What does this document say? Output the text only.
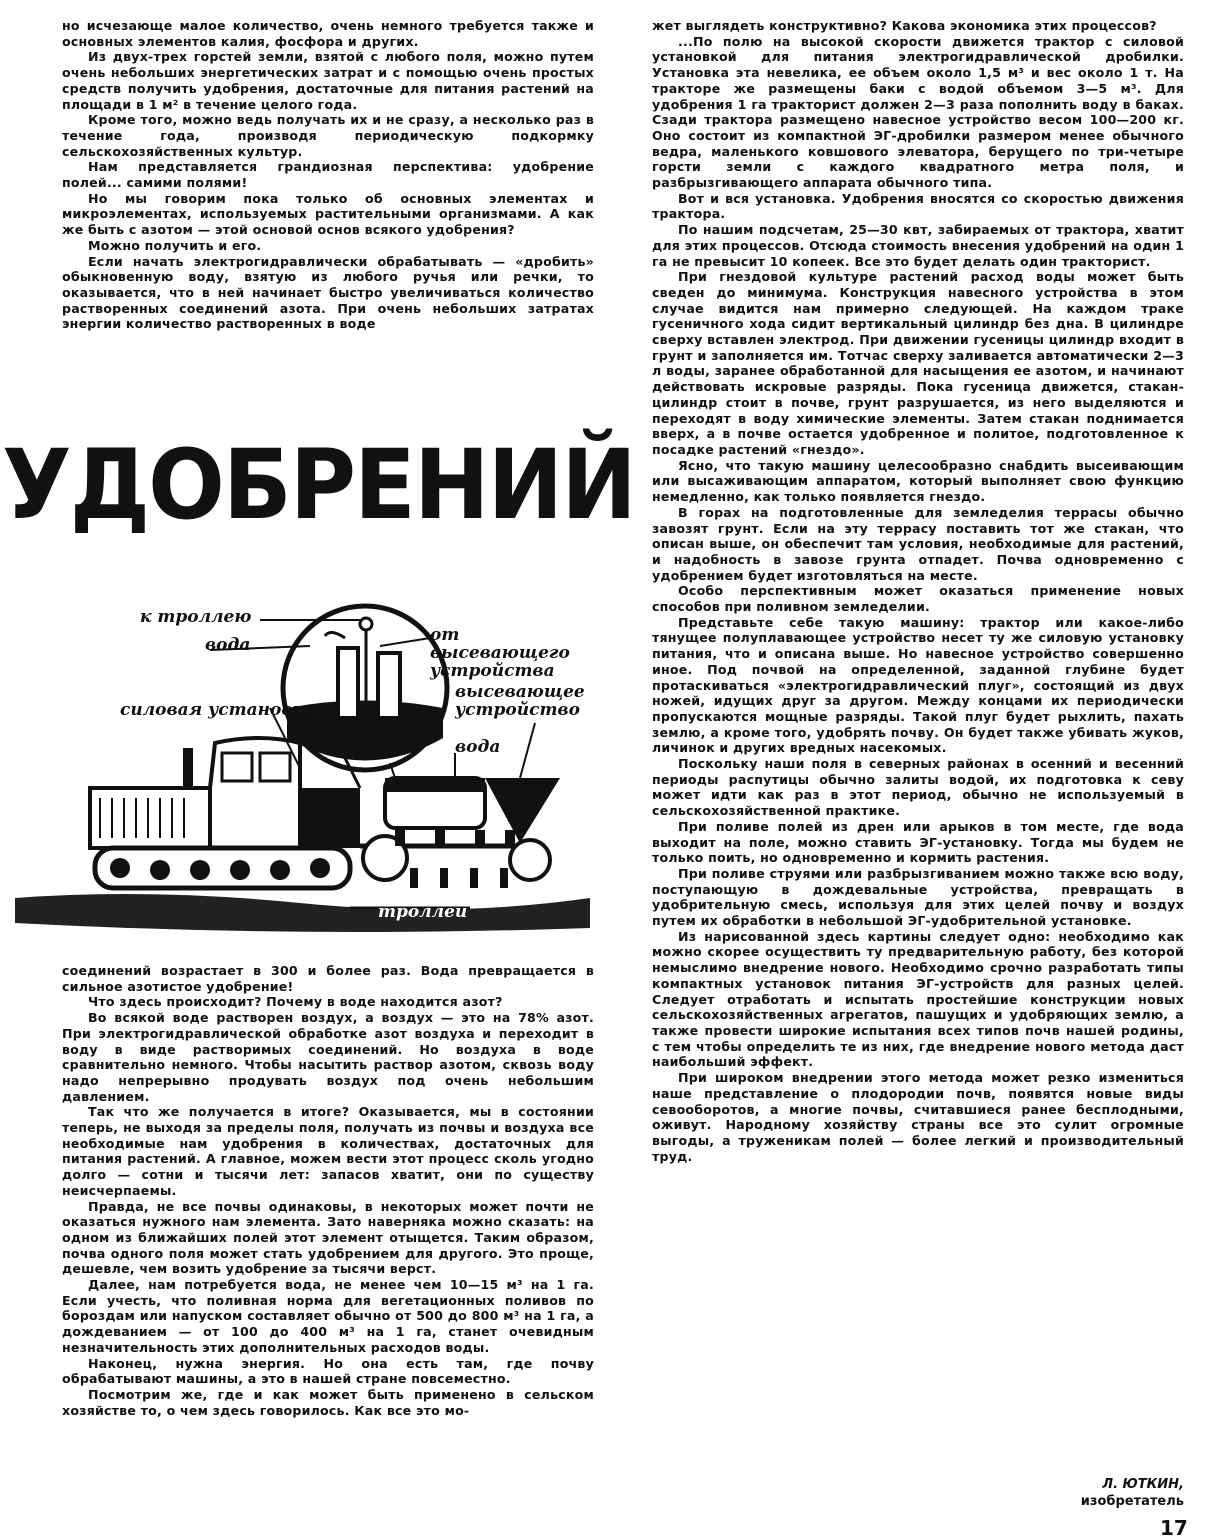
но исчезающе малое количество, очень немного требуется также и основных элементов калия, фосфора и других.

Из двух-трех горстей земли, взятой с любого поля, можно путем очень небольших энергетических затрат и с помощью очень простых средств получить удобрения, достаточные для питания растений на площади в 1 м² в течение целого года.

Кроме того, можно ведь получать их и не сразу, а несколько раз в течение года, производя периодическую подкормку сельскохозяйственных культур.

Нам представляется грандиозная перспектива: удобрение полей... самими полями!

Но мы говорим пока только об основных элементах и микроэлементах, используемых растительными организмами. А как же быть с азотом — этой основой основ всякого удобрения?

Можно получить и его.

Если начать электрогидравлически обрабатывать — «дробить» обыкновенную воду, взятую из любого ручья или речки, то оказывается, что в ней начинает быстро увеличиваться количество растворенных соединений азота. При очень небольших затратах энергии количество растворенных в воде

УДОБРЕНИЙ
к троллею
вода	от высевающего устройства
силовая установка
высевающее устройство
вода
троллей

соединений возрастает в 300 и более раз. Вода превращается в сильное азотистое удобрение!

Что здесь происходит? Почему в воде находится азот?

Во всякой воде растворен воздух, а воздух — это на 78% азот. При электрогидравлической обработке азот воздуха и переходит в воду в виде растворимых соединений. Но воздуха в воде сравнительно немного. Чтобы насытить раствор азотом, сквозь воду надо непрерывно продувать воздух под очень небольшим давлением.

Так что же получается в итоге? Оказывается, мы в состоянии теперь, не выходя за пределы поля, получать из почвы и воздуха все необходимые нам удобрения в количествах, достаточных для питания растений. А главное, можем вести этот процесс сколь угодно долго — сотни и тысячи лет: запасов хватит, они по существу неисчерпаемы.

Правда, не все почвы одинаковы, в некоторых может почти не оказаться нужного нам элемента. Зато наверняка можно сказать: на одном из ближайших полей этот элемент отыщется. Таким образом, почва одного поля может стать удобрением для другого. Это проще, дешевле, чем возить удобрение за тысячи верст.

Далее, нам потребуется вода, не менее чем 10—15 м³ на 1 га. Если учесть, что поливная норма для вегетационных поливов по бороздам или напуском составляет обычно от 500 до 800 м³ на 1 га, а дождеванием — от 100 до 400 м³ на 1 га, станет очевидным незначительность этих дополнительных расходов воды.

Наконец, нужна энергия. Но она есть там, где почву обрабатывают машины, а это в нашей стране повсеместно.

Посмотрим же, где и как может быть применено в сельском хозяйстве то, о чем здесь говорилось. Как все это мо-

жет выглядеть конструктивно? Какова экономика этих процессов?

...По полю на высокой скорости движется трактор с силовой установкой для питания электрогидравлической дробилки. Установка эта невелика, ее объем около 1,5 м³ и вес около 1 т. На тракторе же размещены баки с водой объемом 3—5 м³. Для удобрения 1 га тракторист должен 2—3 раза пополнить воду в баках. Сзади трактора размещено навесное устройство весом 100—200 кг. Оно состоит из компактной ЭГ-дробилки размером менее обычного ведра, маленького ковшового элеватора, берущего по три-четыре горсти земли с каждого квадратного метра поля, и разбрызгивающего аппарата обычного типа.

Вот и вся установка. Удобрения вносятся со скоростью движения трактора.

По нашим подсчетам, 25—30 квт, забираемых от трактора, хватит для этих процессов. Отсюда стоимость внесения удобрений на один 1 га не превысит 10 копеек. Все это будет делать один тракторист.

При гнездовой культуре растений расход воды может быть сведен до минимума. Конструкция навесного устройства в этом случае видится нам примерно следующей. На каждом траке гусеничного хода сидит вертикальный цилиндр без дна. В цилиндре сверху вставлен электрод. При движении гусеницы цилиндр входит в грунт и заполняется им. Тотчас сверху заливается автоматически 2—3 л воды, заранее обработанной для насыщения ее азотом, и начинают действовать искровые разряды. Пока гусеница движется, стакан-цилиндр стоит в почве, грунт разрушается, из него выделяются и переходят в воду химические элементы. Затем стакан поднимается вверх, а в почве остается удобренное и политое, подготовленное к посадке растений «гнездо».

Ясно, что такую машину целесообразно снабдить высеивающим или высаживающим аппаратом, который выполняет свою функцию немедленно, как только появляется гнездо.

В горах на подготовленные для земледелия террасы обычно завозят грунт. Если на эту террасу поставить тот же стакан, что описан выше, он обеспечит там условия, необходимые для растений, и надобность в завозе грунта отпадет. Почва одновременно с удобрением будет изготовляться на месте.

Особо перспективным может оказаться применение новых способов при поливном земледелии.

Представьте себе такую машину: трактор или какое-либо тянущее полуплавающее устройство несет ту же силовую установку питания, что и описана выше. Но навесное устройство совершенно иное. Под почвой на определенной, заданной глубине будет протаскиваться «электрогидравлический плуг», состоящий из двух ножей, идущих друг за другом. Между концами их периодически пропускаются мощные разряды. Такой плуг будет рыхлить, пахать землю, а кроме того, удобрять почву. Он будет также убивать жуков, личинок и других вредных насекомых.

Поскольку наши поля в северных районах в осенний и весенний периоды распутицы обычно залиты водой, их подготовка к севу может идти как раз в этот период, обычно не используемый в сельскохозяйственной практике.

При поливе полей из дрен или арыков в том месте, где вода выходит на поле, можно ставить ЭГ-установку. Тогда мы будем не только поить, но одновременно и кормить растения.

При поливе струями или разбрызгиванием можно также всю воду, поступающую в дождевальные устройства, превращать в удобрительную смесь, используя для этих целей почву и воздух путем их обработки в небольшой ЭГ-удобрительной установке.

Из нарисованной здесь картины следует одно: необходимо как можно скорее осуществить ту предварительную работу, без которой немыслимо внедрение нового. Необходимо срочно разработать типы компактных установок питания ЭГ-устройств для разных целей. Следует отработать и испытать простейшие конструкции новых сельскохозяйственных агрегатов, пашущих и удобряющих землю, а также провести широкие испытания всех типов почв нашей родины, с тем чтобы определить те из них, где внедрение нового метода даст наибольший эффект.

При широком внедрении этого метода может резко измениться наше представление о плодородии почв, появятся новые виды севооборотов, а многие почвы, считавшиеся ранее бесплодными, оживут. Народному хозяйству страны все это сулит огромные выгоды, а труженикам полей — более легкий и производительный труд.

Л. ЮТКИН,
изобретатель
17
